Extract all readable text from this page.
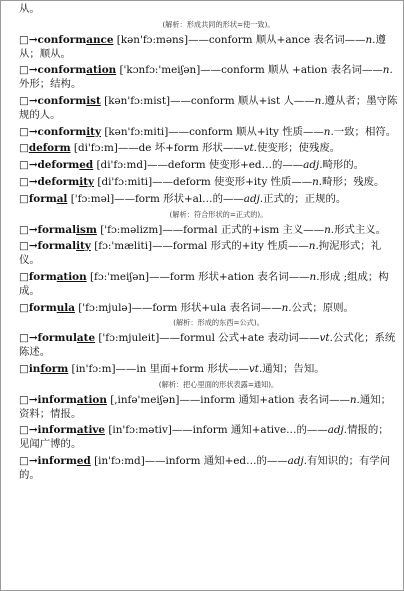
从。
(解析：形成共同的形状=使一致)。
□→conformance [kən'fɔ:məns]——conform 顺从+ance 表名词——n.遵从；顺从。
□→conformation ['kɔnfɔ:'meiʃən]——conform 顺从 +ation 表名词——n.外形；结构。
□→conformist [kən'fɔ:mist]——conform 顺从+ist 人——n.遵从者；墨守陈规的人。
□→conformity [kən'fɔ:miti]——conform 顺从+ity 性质——n.一致；相符。
□deform [di'fɔ:m]——de 坏+form 形状——vt.使变形；使残废。
□→deformed [di'fɔ:md]——deform 使变形+ed…的——adj.畸形的。
□→deformity [di'fɔ:miti]——deform 使变形+ity 性质——n.畸形；残废。
□formal ['fɔ:məl]——form 形状+al…的——adj.正式的；正规的。
(解析：符合形状的=正式的)。
□→formalism ['fɔ:məlizm]——formal 正式的+ism 主义——n.形式主义。
□→formality [fɔ:'mæliti]——formal 形式的+ity 性质——n.拘泥形式；礼仪。
□formation [fɔ:'meiʃən]——form 形状+ation 表名词——n.形成 ;组成；构成。
□formula ['fɔ:mjulə]——form 形状+ula 表名词——n.公式；原则。
(解析：形成的东西=公式)。
□→formulate ['fɔ:mjuleit]——formul 公式+ate 表动词——vt.公式化；系统陈述。
□inform [in'fɔ:m]——in 里面+form 形状——vt.通知；告知。
(解析：把心里面的形状表露=通知)。
□→information [,infə'meiʃən]——inform 通知+ation 表名词——n.通知；资料；情报。
□→informative [in'fɔ:mətiv]——inform 通知+ative…的——adj.情报的；见闻广博的。
□→informed [in'fɔ:md]——inform 通知+ed…的——adj.有知识的；有学问的。
